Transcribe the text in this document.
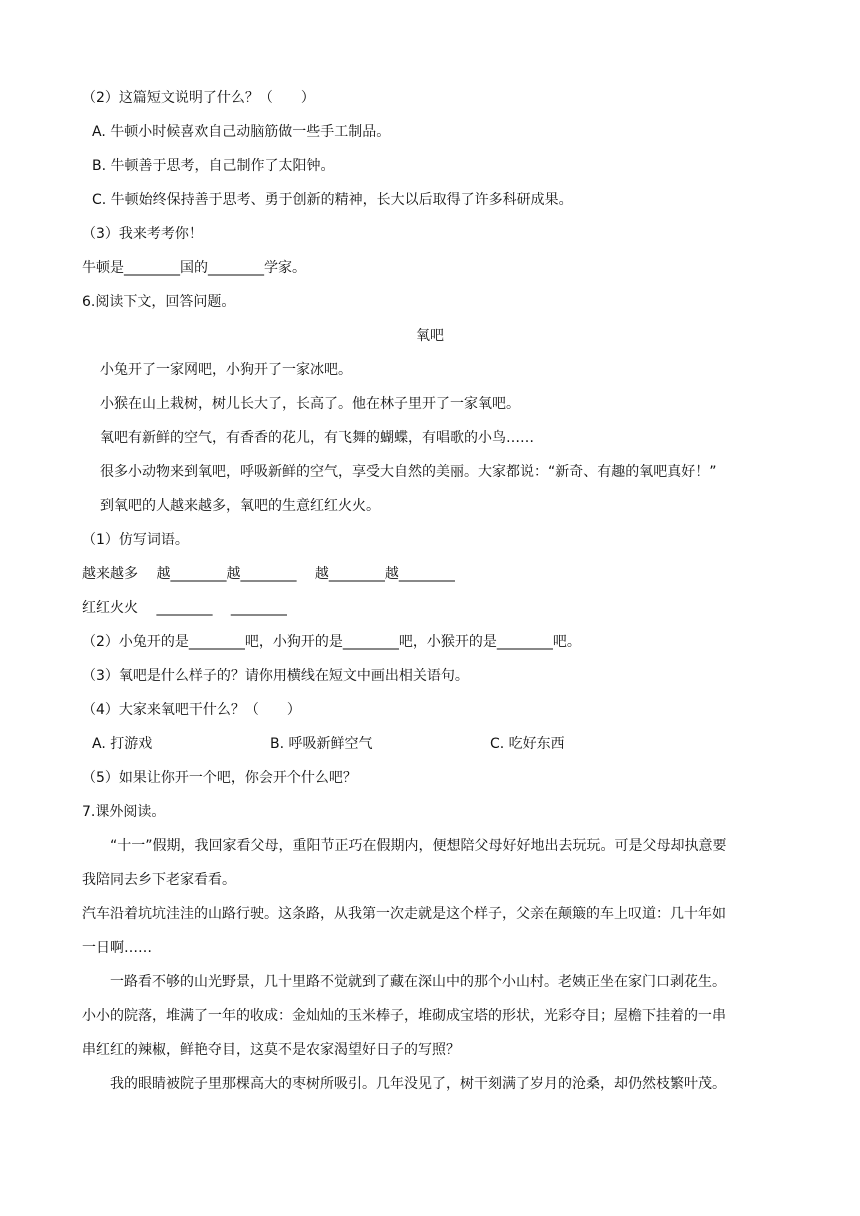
（2）这篇短文说明了什么？（　　）
A. 牛顿小时候喜欢自己动脑筋做一些手工制品。
B. 牛顿善于思考，自己制作了太阳钟。
C. 牛顿始终保持善于思考、勇于创新的精神，长大以后取得了许多科研成果。
（3）我来考考你！
牛顿是________国的________学家。
6.阅读下文，回答问题。
氧吧
小兔开了一家网吧，小狗开了一家冰吧。
小猴在山上栽树，树儿长大了，长高了。他在林子里开了一家氧吧。
氧吧有新鲜的空气，有香香的花儿，有飞舞的蝴蝶，有唱歌的小鸟……
很多小动物来到氧吧，呼吸新鲜的空气，享受大自然的美丽。大家都说：“新奇、有趣的氧吧真好！”
到氧吧的人越来越多，氧吧的生意红红火火。
（1）仿写词语。
越来越多　 越________越________　 越________越________
红红火火　 ________　 ________
（2）小兔开的是________吧，小狗开的是________吧，小猴开的是________吧。
（3）氧吧是什么样子的？请你用横线在短文中画出相关语句。
（4）大家来氧吧干什么？（　　）
A. 打游戏	B. 呼吸新鲜空气	C. 吃好东西
（5）如果让你开一个吧，你会开个什么吧？
7.课外阅读。
“十一”假期，我回家看父母，重阳节正巧在假期内，便想陪父母好好地出去玩玩。可是父母却执意要
我陪同去乡下老家看看。
汽车沿着坑坑洼洼的山路行驶。这条路，从我第一次走就是这个样子，父亲在颠簸的车上叹道：几十年如
一日啊……
一路看不够的山光野景，几十里路不觉就到了藏在深山中的那个小山村。老姨正坐在家门口剥花生。
小小的院落，堆满了一年的收成：金灿灿的玉米棒子，堆砌成宝塔的形状，光彩夺目；屋檐下挂着的一串
串红红的辣椒，鲜艳夺目，这莫不是农家渴望好日子的写照？
我的眼睛被院子里那棵高大的枣树所吸引。几年没见了，树干刻满了岁月的沧桑，却仍然枝繁叶茂。
